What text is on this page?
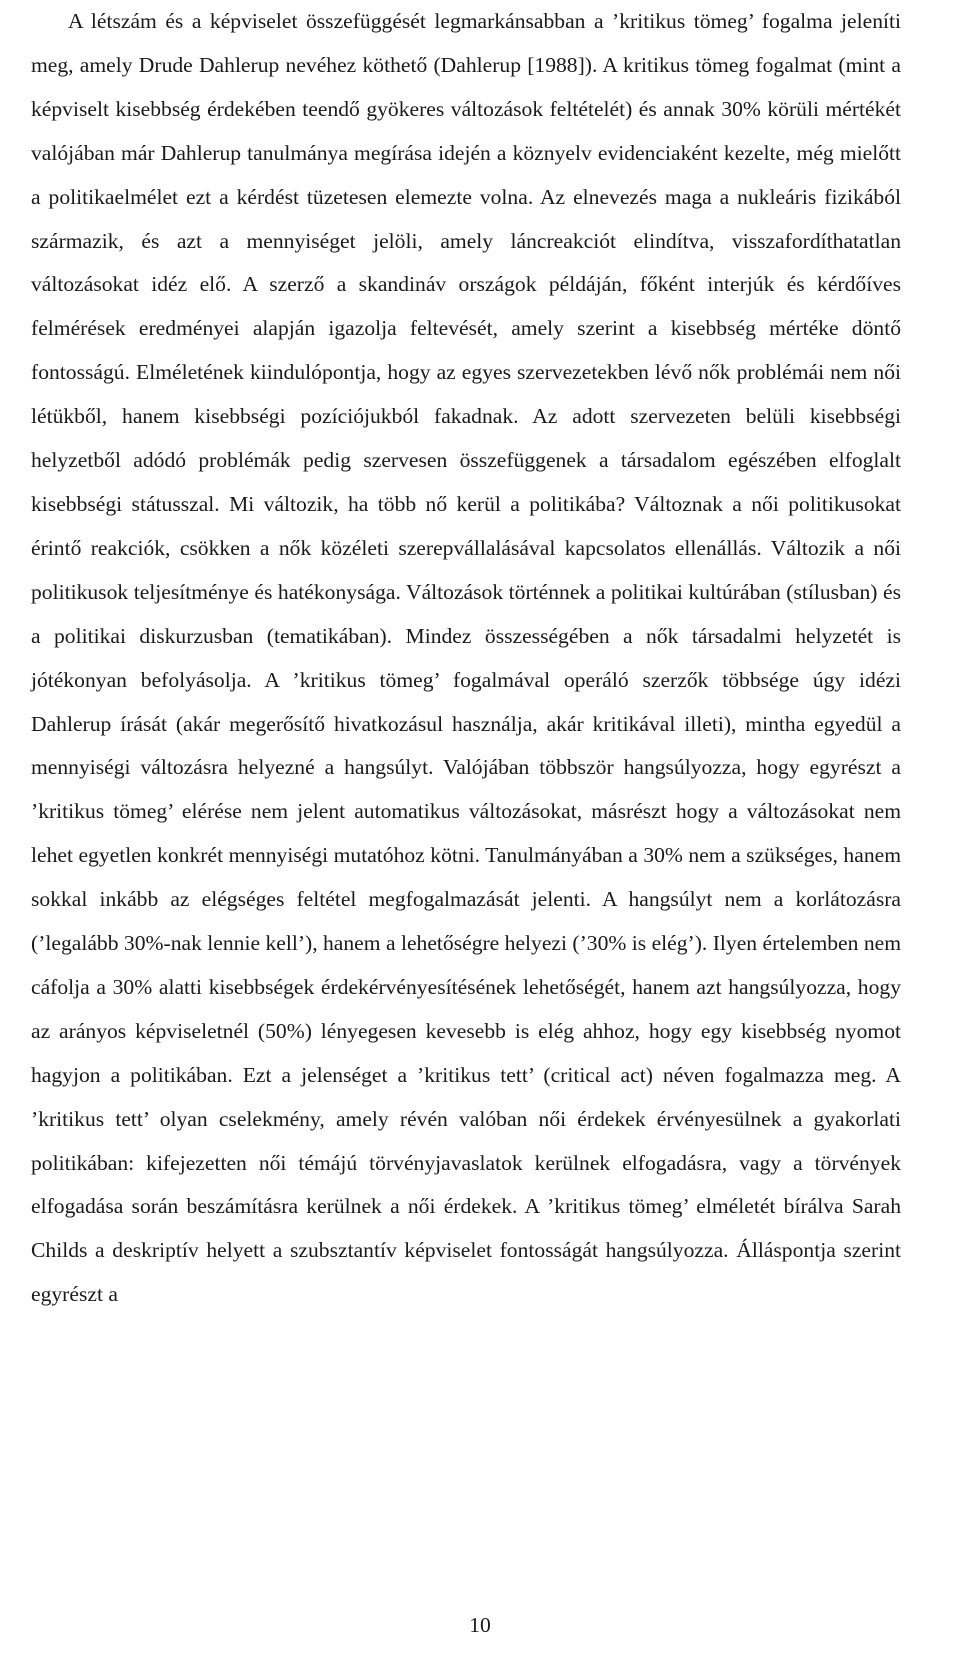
A létszám és a képviselet összefüggését legmarkánsabban a ’kritikus tömeg’ fogalma jeleníti meg, amely Drude Dahlerup nevéhez köthető (Dahlerup [1988]). A kritikus tömeg fogalmat (mint a képviselt kisebbség érdekében teendő gyökeres változások feltételét) és annak 30% körüli mértékét valójában már Dahlerup tanulmánya megírása idején a köznyelv evidenciaként kezelte, még mielőtt a politikaelmélet ezt a kérdést tüzetesen elemezte volna. Az elnevezés maga a nukleáris fizikából származik, és azt a mennyiséget jelöli, amely láncreakciót elindítva, visszafordíthatatlan változásokat idéz elő. A szerző a skandináv országok példáján, főként interjúk és kérdőíves felmérések eredményei alapján igazolja feltevését, amely szerint a kisebbség mértéke döntő fontosságú. Elméletének kiindulópontja, hogy az egyes szervezetekben lévő nők problémái nem női létükből, hanem kisebbségi pozíciójukból fakadnak. Az adott szervezeten belüli kisebbségi helyzetből adódó problémák pedig szervesen összefüggenek a társadalom egészében elfoglalt kisebbségi státusszal. Mi változik, ha több nő kerül a politikába? Változnak a női politikusokat érintő reakciók, csökken a nők közéleti szerepvállalásával kapcsolatos ellenállás. Változik a női politikusok teljesítménye és hatékonysága. Változások történnek a politikai kultúrában (stílusban) és a politikai diskurzusban (tematikában). Mindez összességében a nők társadalmi helyzetét is jótékonyan befolyásolja. A ’kritikus tömeg’ fogalmával operáló szerzők többsége úgy idézi Dahlerup írását (akár megerősítő hivatkozásul használja, akár kritikával illeti), mintha egyedül a mennyiségi változásra helyezné a hangsúlyt. Valójában többször hangsúlyozza, hogy egyrészt a ’kritikus tömeg’ elérése nem jelent automatikus változásokat, másrészt hogy a változásokat nem lehet egyetlen konkrét mennyiségi mutatóhoz kötni. Tanulmányában a 30% nem a szükséges, hanem sokkal inkább az elégséges feltétel megfogalmazását jelenti. A hangsúlyt nem a korlátozásra (’legalább 30%-nak lennie kell’), hanem a lehetőségre helyezi (’30% is elég’). Ilyen értelemben nem cáfolja a 30% alatti kisebbségek érdekérvényesítésének lehetőségét, hanem azt hangsúlyozza, hogy az arányos képviseletnél (50%) lényegesen kevesebb is elég ahhoz, hogy egy kisebbség nyomot hagyjon a politikában. Ezt a jelenséget a ’kritikus tett’ (critical act) néven fogalmazza meg. A ’kritikus tett’ olyan cselekmény, amely révén valóban női érdekek érvényesülnek a gyakorlati politikában: kifejezetten női témájú törvényjavaslatok kerülnek elfogadásra, vagy a törvények elfogadása során beszámításra kerülnek a női érdekek. A ’kritikus tömeg’ elméletét bírálva Sarah Childs a deskriptív helyett a szubsztantív képviselet fontosságát hangsúlyozza. Álláspontja szerint egyrészt a

10
